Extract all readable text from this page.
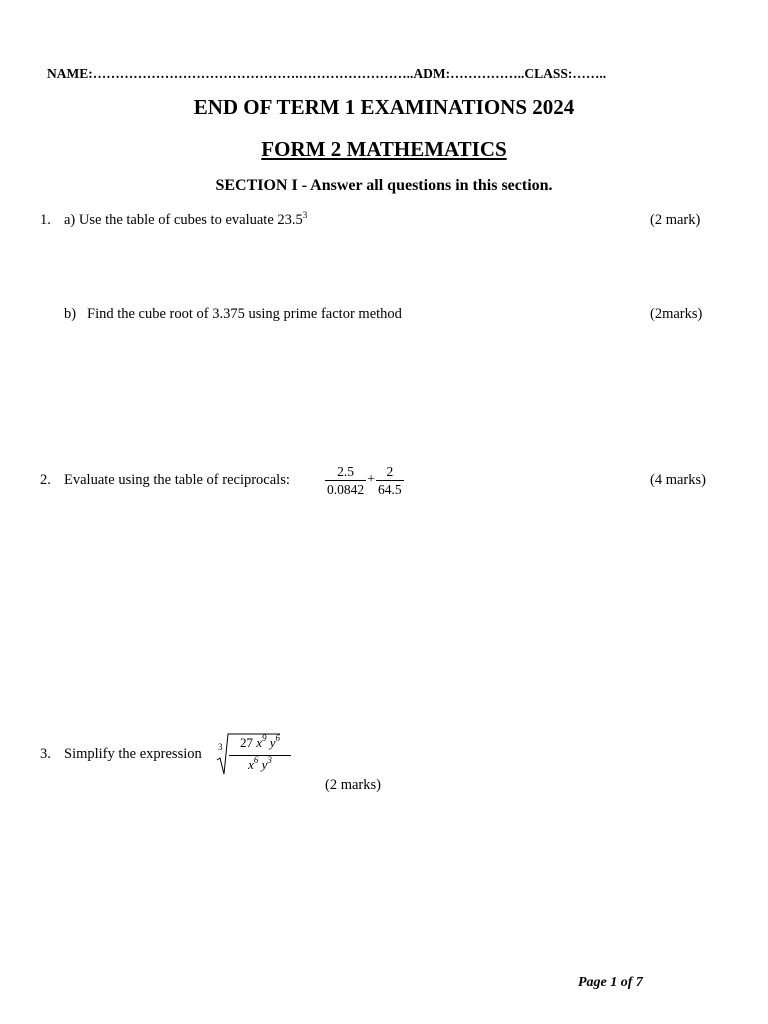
NAME:……………………………………….……………………..ADM:……………..CLASS:……..
END OF TERM 1 EXAMINATIONS 2024
FORM 2 MATHEMATICS
SECTION I - Answer all questions in this section.
1. a) Use the table of cubes to evaluate 23.5$^3$	(2 mark)
b) Find the cube root of 3.375 using prime factor method	(2marks)
2. Evaluate using the table of reciprocals:	$\frac{2.5}{0.0842} + \frac{2}{64.5}$	(4 marks)
3. Simplify the expression 3	27 $x^9$ $y^6$
$x^6$ $y^3$
(2 marks)
Page 1 of 7
